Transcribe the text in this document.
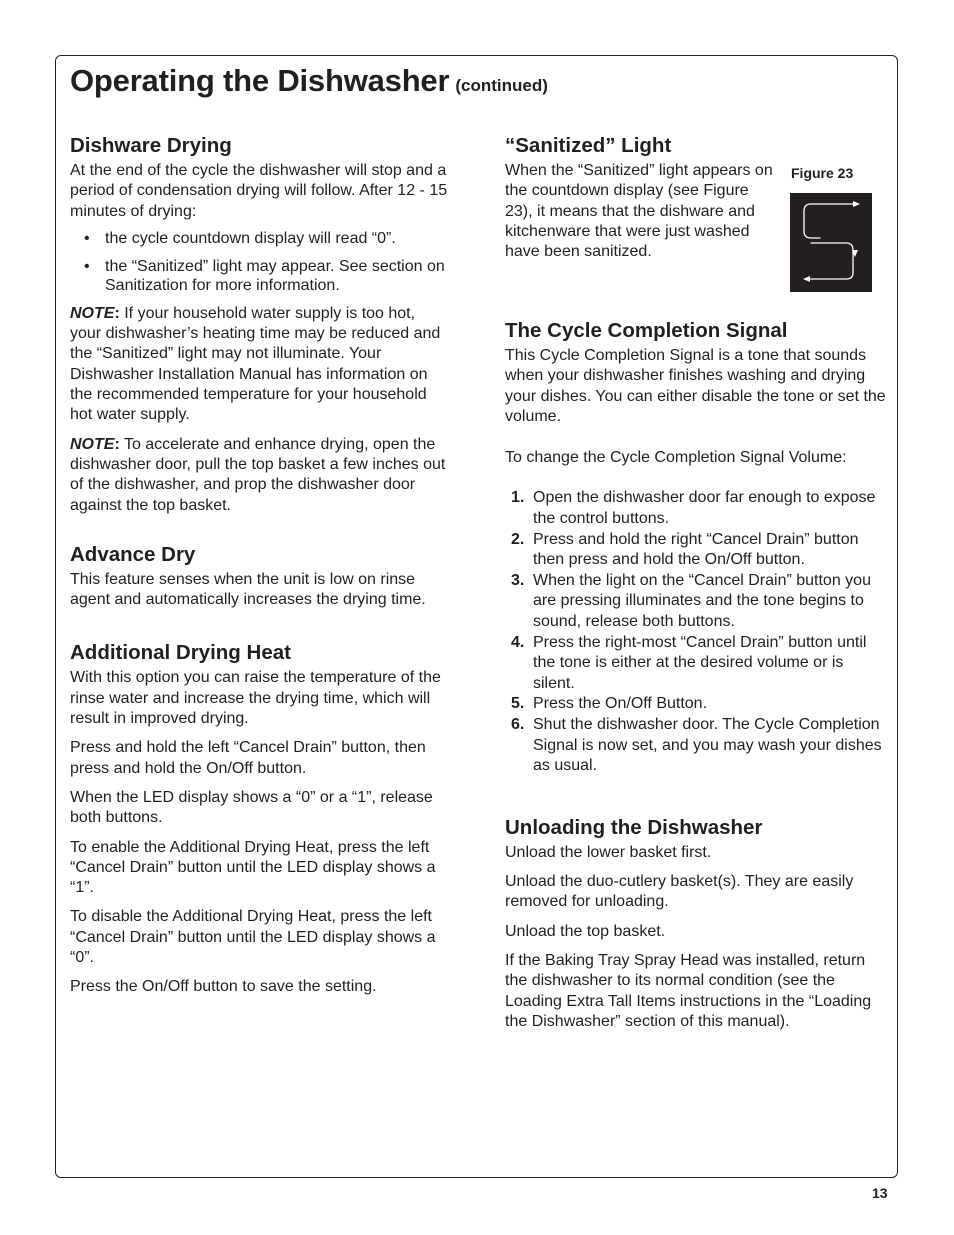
Operating the Dishwasher (continued)
Dishware Drying

At the end of the cycle the dishwasher will stop and a period of condensation drying will follow. After 12 - 15 minutes of drying:

• the cycle countdown display will read “0”.
• the “Sanitized” light may appear. See section on Sanitization for more information.

NOTE: If your household water supply is too hot, your dishwasher’s heating time may be reduced and the “Sanitized” light may not illuminate. Your Dishwasher Installation Manual has information on the recommended temperature for your household hot water supply.

NOTE: To accelerate and enhance drying, open the dishwasher door, pull the top basket a few inches out of the dishwasher, and prop the dishwasher door against the top basket.

Advance Dry

This feature senses when the unit is low on rinse agent and automatically increases the drying time.

Additional Drying Heat

With this option you can raise the temperature of the rinse water and increase the drying time, which will result in improved drying.

Press and hold the left “Cancel Drain” button, then press and hold the On/Off button.

When the LED display shows a “0” or a “1”, release both buttons.

To enable the Additional Drying Heat, press the left “Cancel Drain” button until the LED display shows a “1”.

To disable the Additional Drying Heat, press the left “Cancel Drain” button until the LED display shows a “0”.

Press the On/Off button to save the setting.

“Sanitized” Light

When the “Sanitized” light appears on the countdown display (see Figure 23), it means that the dishware and kitchenware that were just washed have been sanitized.

Figure 23
The Cycle Completion Signal

This Cycle Completion Signal is a tone that sounds when your dishwasher finishes washing and drying your dishes. You can either disable the tone or set the volume.

To change the Cycle Completion Signal Volume:

1. Open the dishwasher door far enough to expose the control buttons.
2. Press and hold the right “Cancel Drain” button then press and hold the On/Off button.
3. When the light on the “Cancel Drain” button you are pressing illuminates and the tone begins to sound, release both buttons.
4. Press the right-most “Cancel Drain” button until the tone is either at the desired volume or is silent.
5. Press the On/Off Button.
6. Shut the dishwasher door. The Cycle Completion Signal is now set, and you may wash your dishes as usual.
Unloading the Dishwasher

Unload the lower basket first.

Unload the duo-cutlery basket(s). They are easily removed for unloading.

Unload the top basket.

If the Baking Tray Spray Head was installed, return the dishwasher to its normal condition (see the Loading Extra Tall Items instructions in the “Loading the Dishwasher” section of this manual).

13
